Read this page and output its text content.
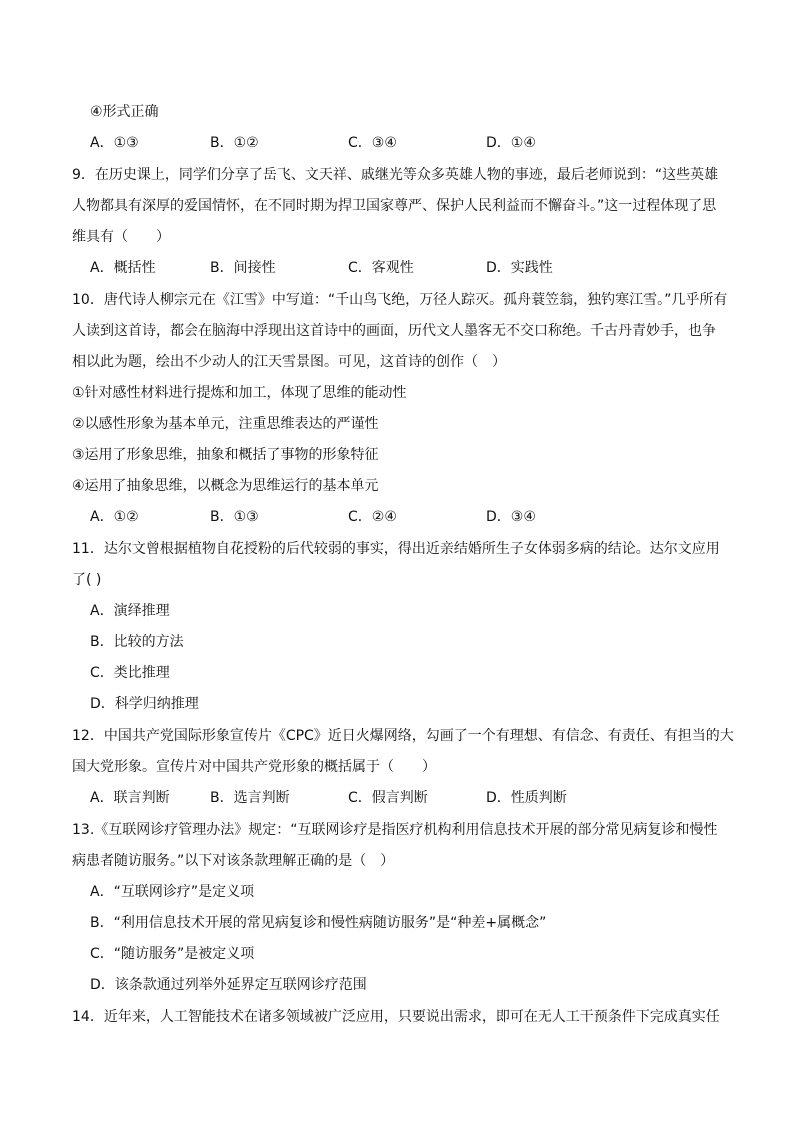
④形式正确
A．①③	B．①②	C．③④	D．①④
9．在历史课上，同学们分享了岳飞、文天祥、戚继光等众多英雄人物的事迹，最后老师说到：“这些英雄
人物都具有深厚的爱国情怀，在不同时期为捍卫国家尊严、保护人民利益而不懈奋斗。”这一过程体现了思
维具有（　　）
A．概括性	B．间接性	C．客观性	D．实践性
10．唐代诗人柳宗元在《江雪》中写道：“千山鸟飞绝，万径人踪灭。孤舟蓑笠翁，独钓寒江雪。”几乎所有
人读到这首诗，都会在脑海中浮现出这首诗中的画面，历代文人墨客无不交口称绝。千古丹青妙手，也争
相以此为题，绘出不少动人的江天雪景图。可见，这首诗的创作（　）
①针对感性材料进行提炼和加工，体现了思维的能动性
②以感性形象为基本单元，注重思维表达的严谨性
③运用了形象思维，抽象和概括了事物的形象特征
④运用了抽象思维，以概念为思维运行的基本单元
A．①②	B．①③	C．②④	D．③④
11．达尔文曾根据植物自花授粉的后代较弱的事实，得出近亲结婚所生子女体弱多病的结论。达尔文应用
了( )
A．演绎推理
B．比较的方法
C．类比推理
D．科学归纳推理
12．中国共产党国际形象宣传片《CPC》近日火爆网络，勾画了一个有理想、有信念、有责任、有担当的大
国大党形象。宣传片对中国共产党形象的概括属于（　　）
A．联言判断	B．选言判断	C．假言判断	D．性质判断
13.《互联网诊疗管理办法》规定：“互联网诊疗是指医疗机构利用信息技术开展的部分常见病复诊和慢性
病患者随访服务。”以下对该条款理解正确的是（　）
A．“互联网诊疗”是定义项
B．“利用信息技术开展的常见病复诊和慢性病随访服务”是“种差+属概念”
C．“随访服务”是被定义项
D．该条款通过列举外延界定互联网诊疗范围
14．近年来，人工智能技术在诸多领域被广泛应用，只要说出需求，即可在无人工干预条件下完成真实任
